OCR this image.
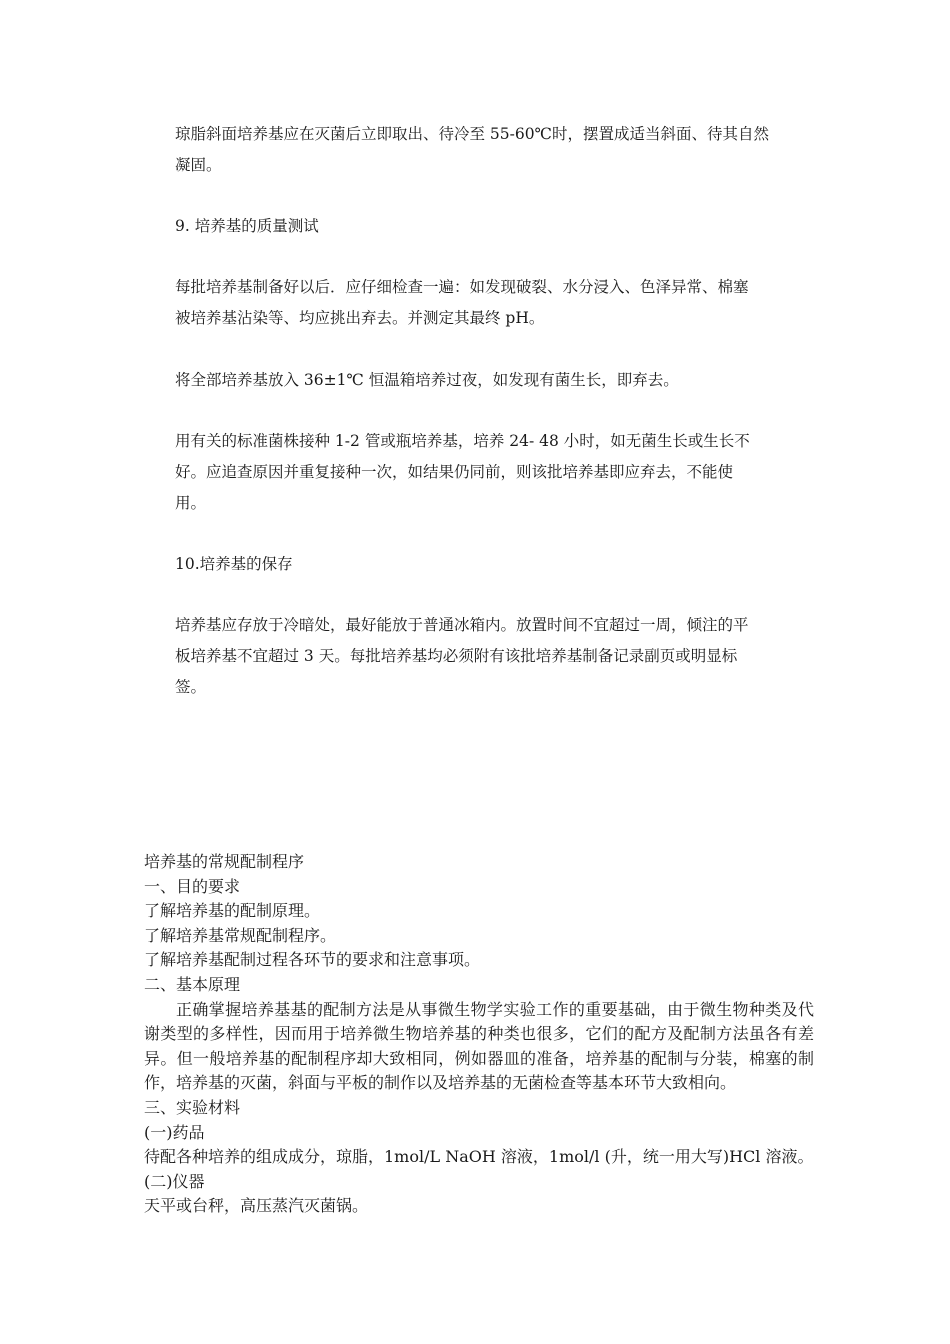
琼脂斜面培养基应在灭菌后立即取出、待冷至 55-60℃时，摆置成适当斜面、待其自然

凝固。

9. 培养基的质量测试

每批培养基制备好以后．应仔细检查一遍：如发现破裂、水分浸入、色泽异常、棉塞

被培养基沾染等、均应挑出弃去。并测定其最终 pH。

将全部培养基放入 36±1℃ 恒温箱培养过夜，如发现有菌生长，即弃去。

用有关的标准菌株接种 1-2 管或瓶培养基，培养 24- 48 小时，如无菌生长或生长不

好。应追查原因并重复接种一次，如结果仍同前，则该批培养基即应弃去，不能使

用。

10.培养基的保存

培养基应存放于冷暗处，最好能放于普通冰箱内。放置时间不宜超过一周，倾注的平

板培养基不宜超过 3 天。每批培养基均必须附有该批培养基制备记录副页或明显标

签。

培养基的常规配制程序

一、目的要求

了解培养基的配制原理。

了解培养基常规配制程序。

了解培养基配制过程各环节的要求和注意事项。

二、基本原理

正确掌握培养基基的配制方法是从事微生物学实验工作的重要基础，由于微生物种类及代谢类型的多样性，因而用于培养微生物培养基的种类也很多，它们的配方及配制方法虽各有差异。但一般培养基的配制程序却大致相同，例如器皿的准备，培养基的配制与分装，棉塞的制作，培养基的灭菌，斜面与平板的制作以及培养基的无菌检查等基本环节大致相向。

三、实验材料

(一)药品

待配各种培养的组成成分，琼脂，1mol/L NaOH 溶液，1mol/l (升，统一用大写)HCl 溶液。

(二)仪器

天平或台秤，高压蒸汽灭菌锅。
